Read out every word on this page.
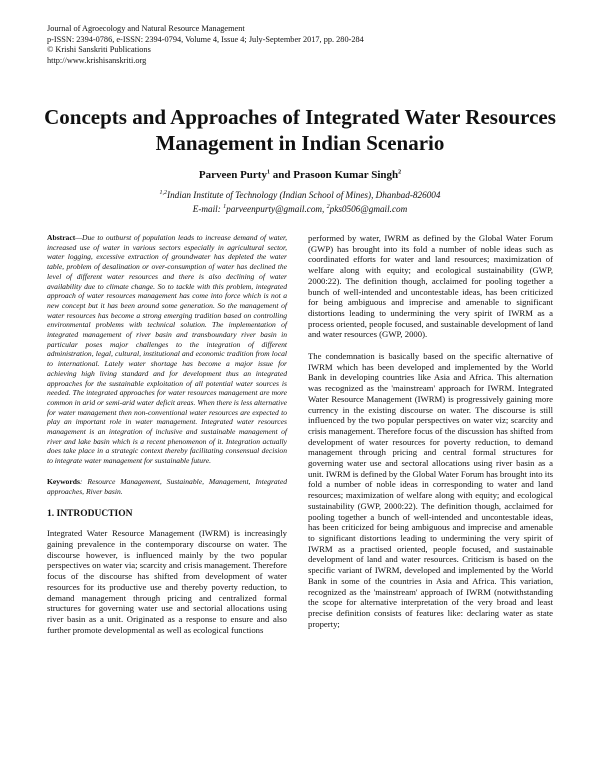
Journal of Agroecology and Natural Resource Management
p-ISSN: 2394-0786, e-ISSN: 2394-0794, Volume 4, Issue 4; July-September 2017, pp. 280-284
© Krishi Sanskriti Publications
http://www.krishisanskriti.org
Concepts and Approaches of Integrated Water Resources Management in Indian Scenario
Parveen Purty$^1$ and Prasoon Kumar Singh$^2$
$^{1,2}$Indian Institute of Technology (Indian School of Mines), Dhanbad-826004
E-mail: $^1$parveenpurty@gmail.com, $^2$pks0506@gmail.com

Abstract—Due to outburst of population leads to increase demand of water, increased use of water in various sectors especially in agricultural sector, water logging, excessive extraction of groundwater has depleted the water table, problem of desalination or over-consumption of water has declined the level of different water resources and there is also declining of water availability due to climate change. So to tackle with this problem, integrated approach of water resources management has come into force which is not a new concept but it has been around some generation. So the management of water resources has become a strong emerging tradition based on controlling environmental problems with technical solution. The implementation of integrated management of river basin and transboundary river basin in particular poses major challenges to the integration of different administration, legal, cultural, institutional and economic tradition from local to international. Lately water shortage has become a major issue for achieving high living standard and for development thus an integrated approaches for the sustainable exploitation of all potential water sources is needed. The integrated approaches for water resources management are more common in arid or semi-arid water deficit areas. When there is less alternative for water management then non-conventional water resources are expected to play an important role in water management. Integrated water resources management is an integration of inclusive and sustainable management of river and lake basin which is a recent phenomenon of it. Integration actually does take place in a strategic context thereby facilitating consensual decision to integrate water management for sustainable future.

Keywords: Resource Management, Sustainable, Management, Integrated approaches, River basin.

1. INTRODUCTION

Integrated Water Resource Management (IWRM) is increasingly gaining prevalence in the contemporary discourse on water. The discourse however, is influenced mainly by the two popular perspectives on water via; scarcity and crisis management. Therefore focus of the discourse has shifted from development of water resources for its productive use and thereby poverty reduction, to demand management through pricing and centralized formal structures for governing water use and sectorial allocations using river basin as a unit. Originated as a response to ensure and also further promote developmental as well as ecological functions

performed by water, IWRM as defined by the Global Water Forum (GWP) has brought into its fold a number of noble ideas such as coordinated efforts for water and land resources; maximization of welfare along with equity; and ecological sustainability (GWP, 2000:22). The definition though, acclaimed for pooling together a bunch of well-intended and uncontestable ideas, has been criticized for being ambiguous and imprecise and amenable to significant distortions leading to undermining the very spirit of IWRM as a process oriented, people focused, and sustainable development of land and water resources (GWP, 2000).

The condemnation is basically based on the specific alternative of IWRM which has been developed and implemented by the World Bank in developing countries like Asia and Africa. This alternation was recognized as the 'mainstream' approach for IWRM. Integrated Water Resource Management (IWRM) is progressively gaining more currency in the existing discourse on water. The discourse is still influenced by the two popular perspectives on water viz; scarcity and crisis management. Therefore focus of the discussion has shifted from development of water resources for poverty reduction, to demand management through pricing and central formal structures for governing water use and sectoral allocations using river basin as a unit. IWRM is defined by the Global Water Forum has brought into its fold a number of noble ideas in corresponding to water and land resources; maximization of welfare along with equity; and ecological sustainability (GWP, 2000:22). The definition though, acclaimed for pooling together a bunch of well-intended and uncontestable ideas, has been criticized for being ambiguous and imprecise and amenable to significant distortions leading to undermining the very spirit of IWRM as a practised oriented, people focused, and sustainable development of land and water resources. Criticism is based on the specific variant of IWRM, developed and implemented by the World Bank in some of the countries in Asia and Africa. This variation, recognized as the 'mainstream' approach of IWRM (notwithstanding the scope for alternative interpretation of the very broad and least precise definition consists of features like: declaring water as state property;
